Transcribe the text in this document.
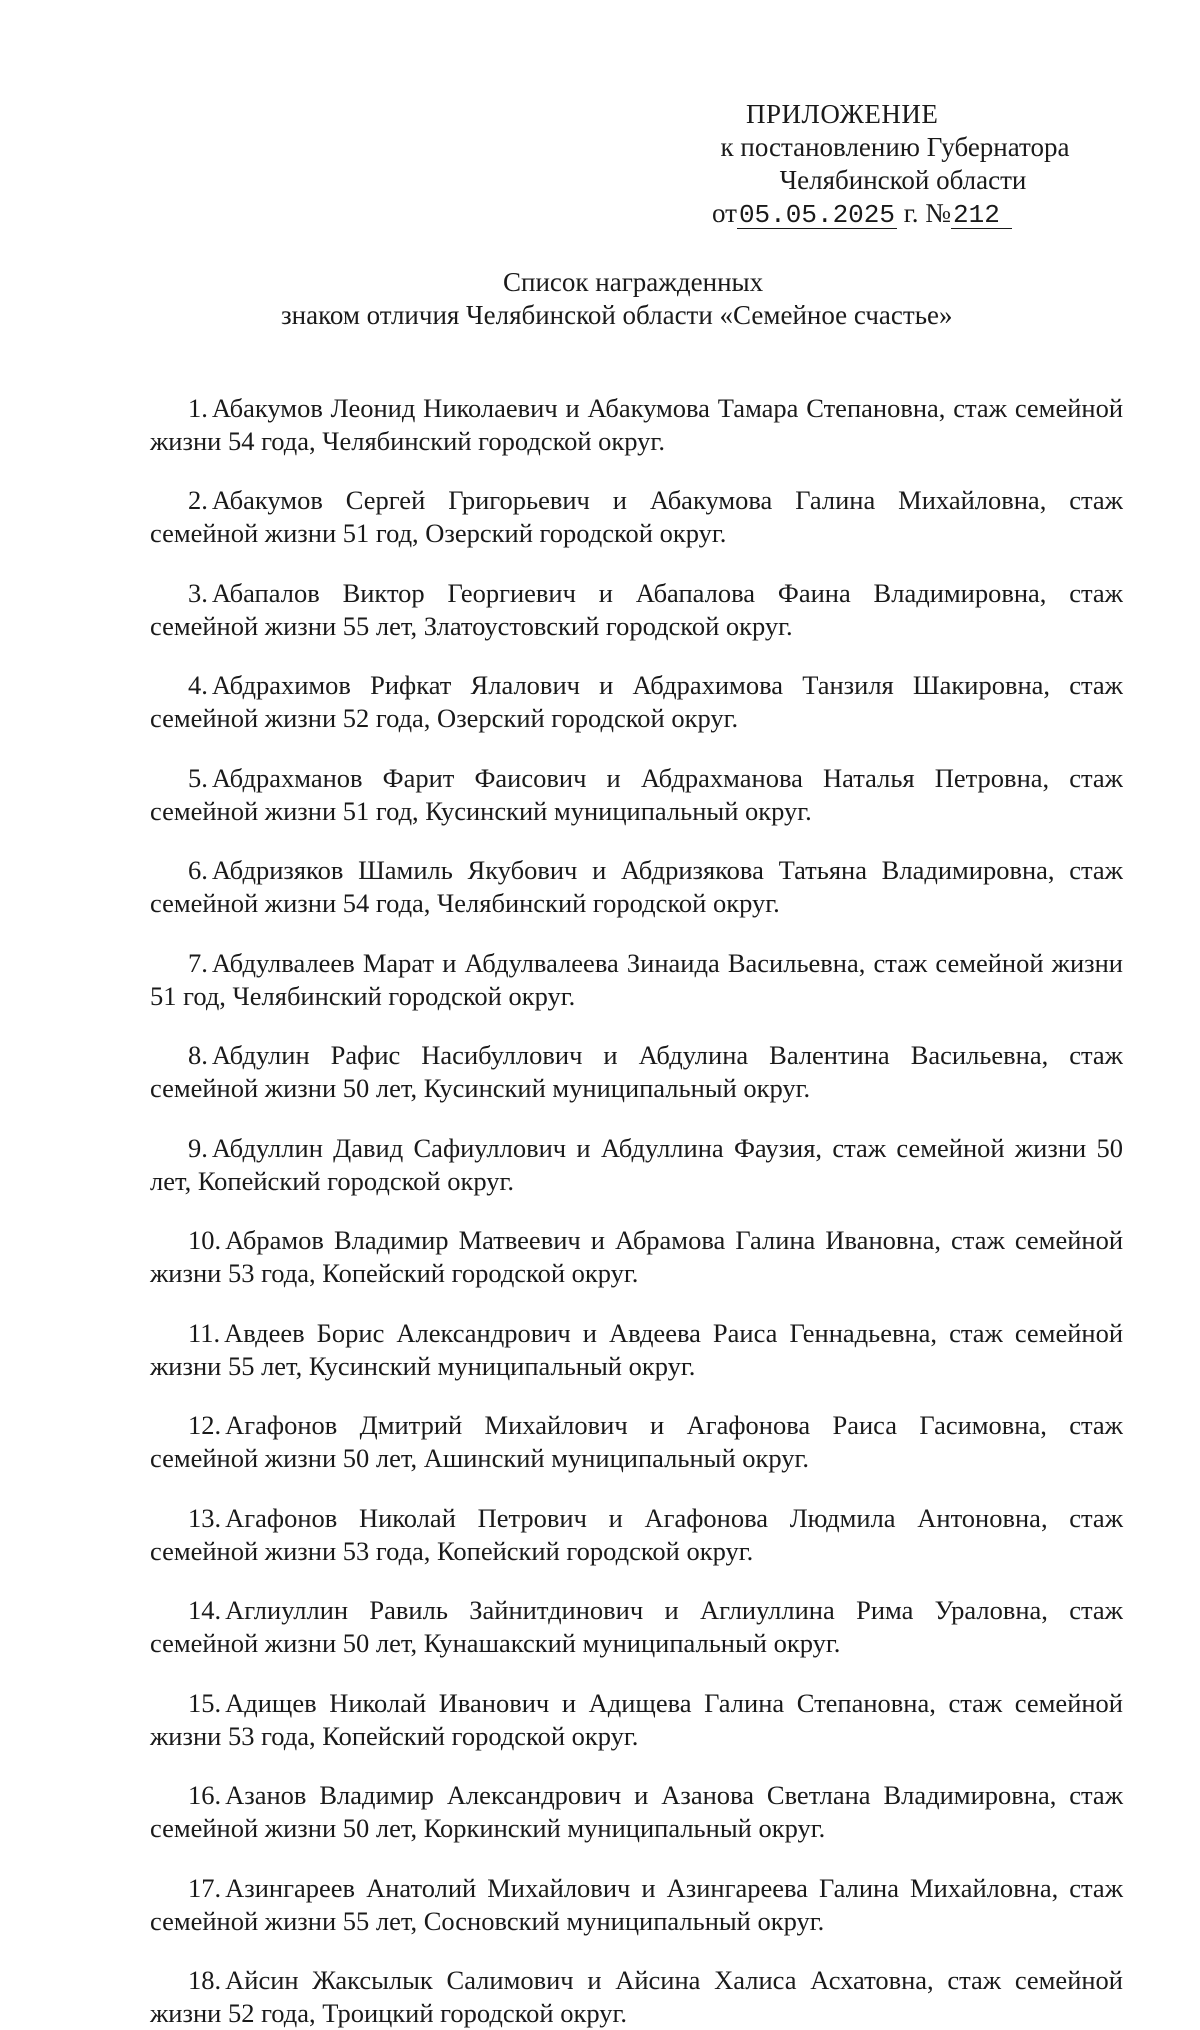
ПРИЛОЖЕНИЕ
к постановлению Губернатора
Челябинской области
от05.05.2025 г. №212
Список награжденных
знаком отличия Челябинской области «Семейное счастье»

1. Абакумов Леонид Николаевич и Абакумова Тамара Степановна, стаж семейной жизни 54 года, Челябинский городской округ.

2. Абакумов Сергей Григорьевич и Абакумова Галина Михайловна, стаж семейной жизни 51 год, Озерский городской округ.

3. Абапалов Виктор Георгиевич и Абапалова Фаина Владимировна, стаж семейной жизни 55 лет, Златоустовский городской округ.

4. Абдрахимов Рифкат Ялалович и Абдрахимова Танзиля Шакировна, стаж семейной жизни 52 года, Озерский городской округ.

5. Абдрахманов Фарит Фаисович и Абдрахманова Наталья Петровна, стаж семейной жизни 51 год, Кусинский муниципальный округ.

6. Абдризяков Шамиль Якубович и Абдризякова Татьяна Владимировна, стаж семейной жизни 54 года, Челябинский городской округ.

7. Абдулвалеев Марат и Абдулвалеева Зинаида Васильевна, стаж семейной жизни 51 год, Челябинский городской округ.

8. Абдулин Рафис Насибуллович и Абдулина Валентина Васильевна, стаж семейной жизни 50 лет, Кусинский муниципальный округ.

9. Абдуллин Давид Сафиуллович и Абдуллина Фаузия, стаж семейной жизни 50 лет, Копейский городской округ.

10. Абрамов Владимир Матвеевич и Абрамова Галина Ивановна, стаж семейной жизни 53 года, Копейский городской округ.

11. Авдеев Борис Александрович и Авдеева Раиса Геннадьевна, стаж семейной жизни 55 лет, Кусинский муниципальный округ.

12. Агафонов Дмитрий Михайлович и Агафонова Раиса Гасимовна, стаж семейной жизни 50 лет, Ашинский муниципальный округ.

13. Агафонов Николай Петрович и Агафонова Людмила Антоновна, стаж семейной жизни 53 года, Копейский городской округ.

14. Аглиуллин Равиль Зайнитдинович и Аглиуллина Рима Ураловна, стаж семейной жизни 50 лет, Кунашакский муниципальный округ.

15. Адищев Николай Иванович и Адищева Галина Степановна, стаж семейной жизни 53 года, Копейский городской округ.

16. Азанов Владимир Александрович и Азанова Светлана Владимировна, стаж семейной жизни 50 лет, Коркинский муниципальный округ.

17. Азингареев Анатолий Михайлович и Азингареева Галина Михайловна, стаж семейной жизни 55 лет, Сосновский муниципальный округ.

18. Айсин Жаксылык Салимович и Айсина Халиса Асхатовна, стаж семейной жизни 52 года, Троицкий городской округ.
